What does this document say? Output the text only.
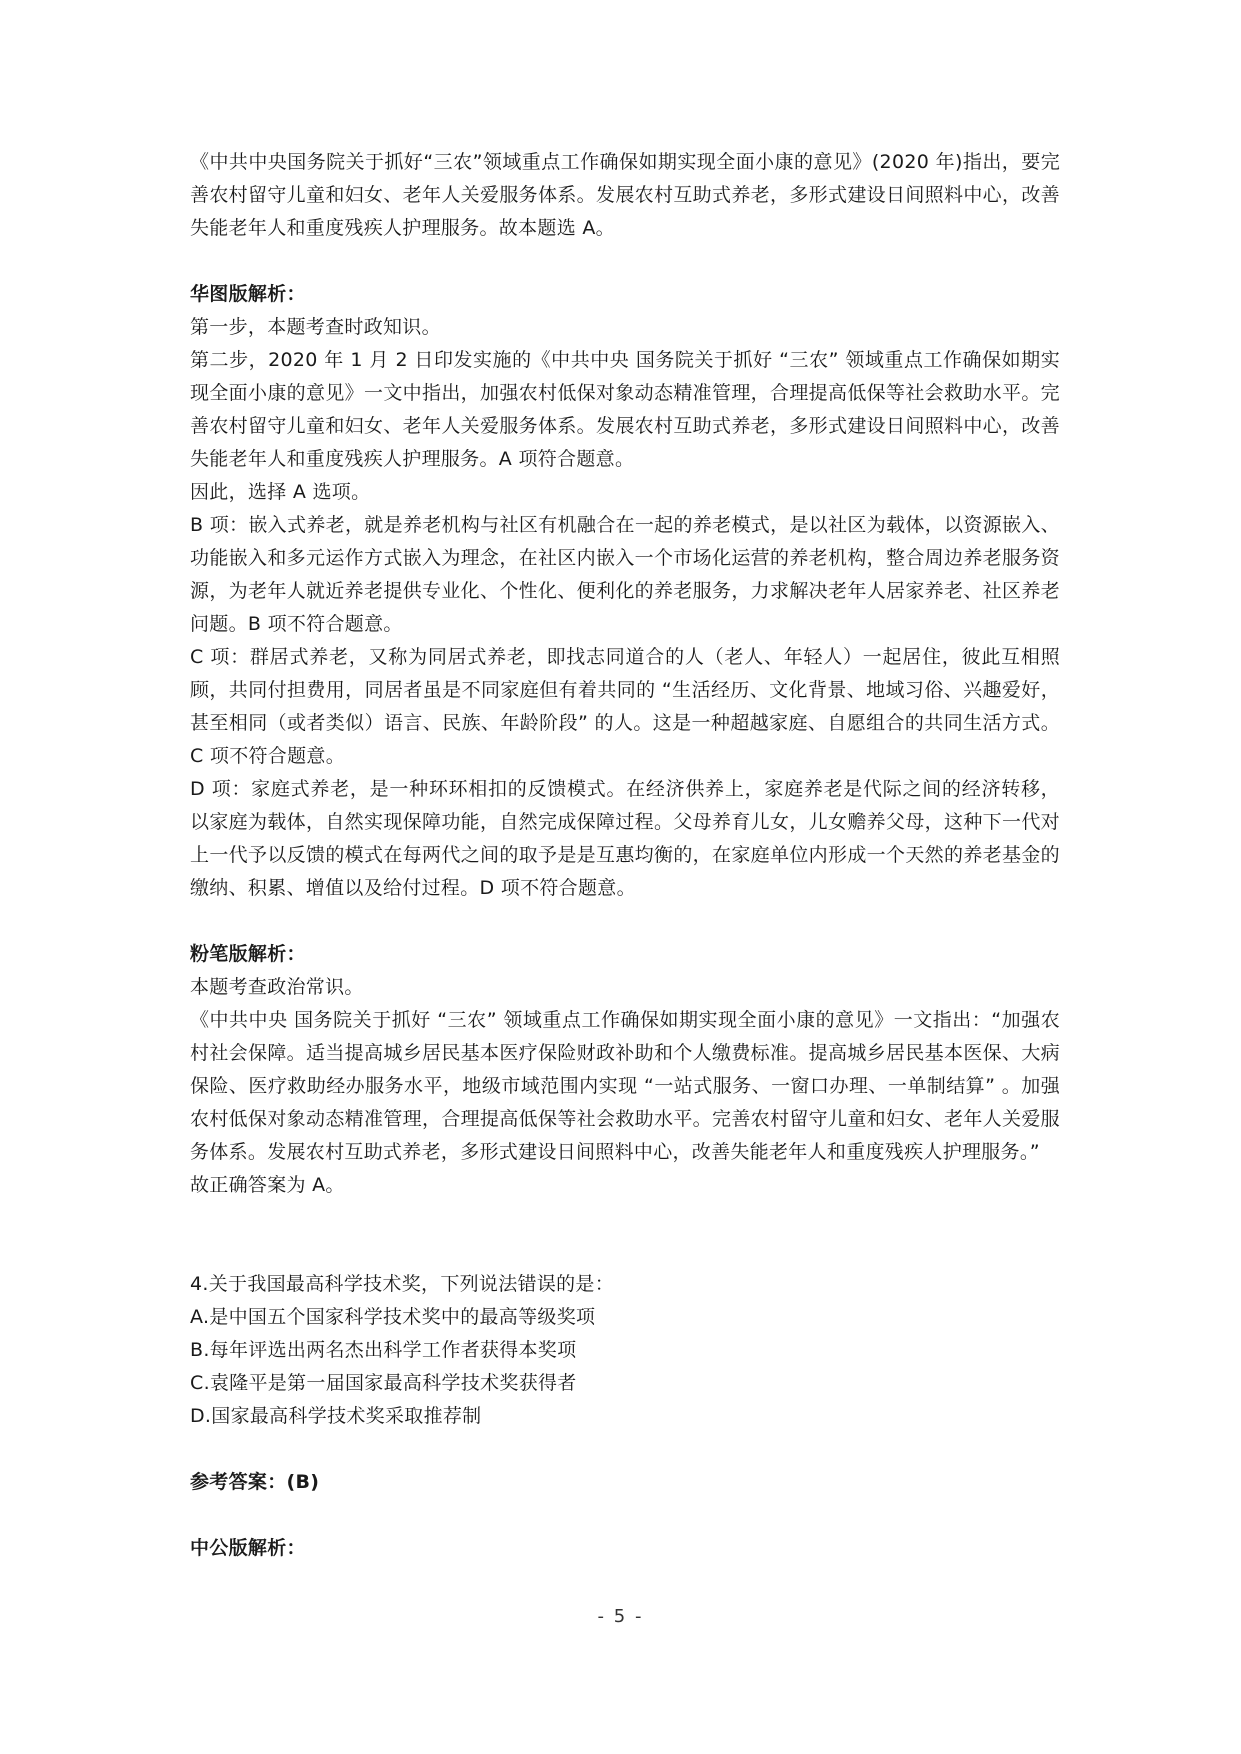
《中共中央国务院关于抓好“三农”领域重点工作确保如期实现全面小康的意见》(2020 年)指出，要完善农村留守儿童和妇女、老年人关爱服务体系。发展农村互助式养老，多形式建设日间照料中心，改善失能老年人和重度残疾人护理服务。故本题选 A。

华图版解析：

第一步，本题考查时政知识。

第二步，2020 年 1 月 2 日印发实施的《中共中央 国务院关于抓好 “三农” 领域重点工作确保如期实现全面小康的意见》一文中指出，加强农村低保对象动态精准管理，合理提高低保等社会救助水平。完善农村留守儿童和妇女、老年人关爱服务体系。发展农村互助式养老，多形式建设日间照料中心，改善失能老年人和重度残疾人护理服务。A 项符合题意。

因此，选择 A 选项。

B 项：嵌入式养老，就是养老机构与社区有机融合在一起的养老模式，是以社区为载体，以资源嵌入、功能嵌入和多元运作方式嵌入为理念，在社区内嵌入一个市场化运营的养老机构，整合周边养老服务资源，为老年人就近养老提供专业化、个性化、便利化的养老服务，力求解决老年人居家养老、社区养老问题。B 项不符合题意。

C 项：群居式养老，又称为同居式养老，即找志同道合的人（老人、年轻人）一起居住，彼此互相照顾，共同付担费用，同居者虽是不同家庭但有着共同的 “生活经历、文化背景、地域习俗、兴趣爱好，甚至相同（或者类似）语言、民族、年龄阶段” 的人。这是一种超越家庭、自愿组合的共同生活方式。C 项不符合题意。

D 项：家庭式养老，是一种环环相扣的反馈模式。在经济供养上，家庭养老是代际之间的经济转移，以家庭为载体，自然实现保障功能，自然完成保障过程。父母养育儿女，儿女赡养父母，这种下一代对上一代予以反馈的模式在每两代之间的取予是是互惠均衡的，在家庭单位内形成一个天然的养老基金的缴纳、积累、增值以及给付过程。D 项不符合题意。

粉笔版解析：

本题考查政治常识。

《中共中央 国务院关于抓好 “三农” 领域重点工作确保如期实现全面小康的意见》一文指出：“加强农村社会保障。适当提高城乡居民基本医疗保险财政补助和个人缴费标准。提高城乡居民基本医保、大病保险、医疗救助经办服务水平，地级市域范围内实现 “一站式服务、一窗口办理、一单制结算” 。加强农村低保对象动态精准管理，合理提高低保等社会救助水平。完善农村留守儿童和妇女、老年人关爱服务体系。发展农村互助式养老，多形式建设日间照料中心，改善失能老年人和重度残疾人护理服务。”

故正确答案为 A。

4.关于我国最高科学技术奖，下列说法错误的是：

A.是中国五个国家科学技术奖中的最高等级奖项

B.每年评选出两名杰出科学工作者获得本奖项

C.袁隆平是第一届国家最高科学技术奖获得者

D.国家最高科学技术奖采取推荐制

参考答案：(B)

中公版解析：

- 5 -
